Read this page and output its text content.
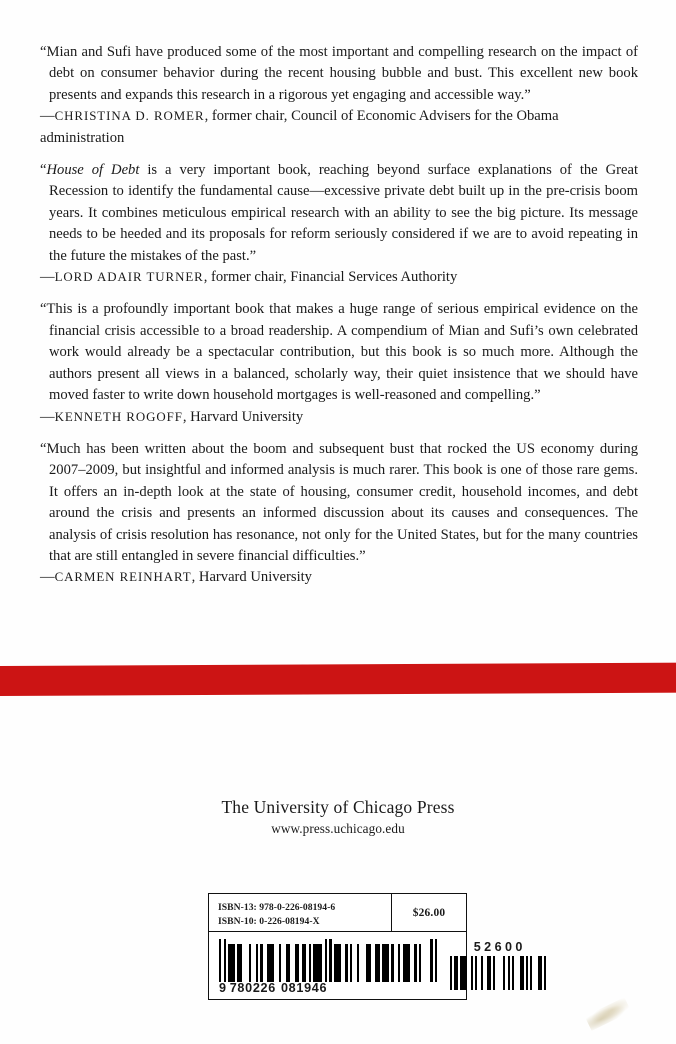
“Mian and Sufi have produced some of the most important and compelling research on the impact of debt on consumer behavior during the recent housing bubble and bust. This excellent new book presents and expands this research in a rigorous yet engaging and accessible way.”

—CHRISTINA D. ROMER, former chair, Council of Economic Advisers for the Obama administration

“House of Debt is a very important book, reaching beyond surface explanations of the Great Recession to identify the fundamental cause—excessive private debt built up in the pre-crisis boom years. It combines meticulous empirical research with an ability to see the big picture. Its message needs to be heeded and its proposals for reform seriously considered if we are to avoid repeating in the future the mistakes of the past.”

—LORD ADAIR TURNER, former chair, Financial Services Authority

“This is a profoundly important book that makes a huge range of serious empirical evidence on the financial crisis accessible to a broad readership. A compendium of Mian and Sufi’s own celebrated work would already be a spectacular contribution, but this book is so much more. Although the authors present all views in a balanced, scholarly way, their quiet insistence that we should have moved faster to write down household mortgages is well-reasoned and compelling.”

—KENNETH ROGOFF, Harvard University

“Much has been written about the boom and subsequent bust that rocked the US economy during 2007–2009, but insightful and informed analysis is much rarer. This book is one of those rare gems. It offers an in-depth look at the state of housing, consumer credit, household incomes, and debt around the crisis and presents an informed discussion about its causes and consequences. The analysis of crisis resolution has resonance, not only for the United States, but for the many countries that are still entangled in severe financial difficulties.”

—CARMEN REINHART, Harvard University

The University of Chicago Press
www.press.uchicago.edu
ISBN-13: 978-0-226-08194-6
ISBN-10: 0-226-08194-X
$26.00
9 780226 081946
52600
